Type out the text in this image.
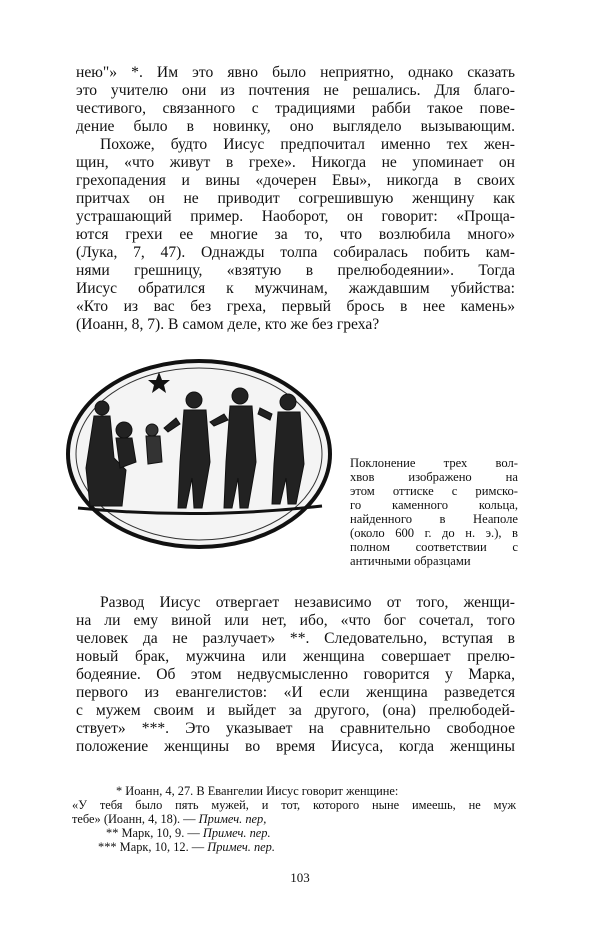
нею"» *. Им это явно было неприятно, однако сказать
это учителю они из почтения не решались. Для благо-
честивого, связанного с традициями рабби такое пове-
дение было в новинку, оно выглядело вызывающим.
Похоже, будто Иисус предпочитал именно тех жен-
щин, «что живут в грехе». Никогда не упоминает он
грехопадения и вины «дочерен Евы», никогда в своих
притчах он не приводит согрешившую женщину как
устрашающий пример. Наоборот, он говорит: «Проща-
ются грехи ее многие за то, что возлюбила много»
(Лука, 7, 47). Однажды толпа собиралась побить кам-
нями грешницу, «взятую в прелюбодеянии». Тогда
Иисус обратился к мужчинам, жаждавшим убийства:
«Кто из вас без греха, первый брось в нее камень»
(Иоанн, 8, 7). В самом деле, кто же без греха?
Поклонение трех вол-
хвов изображено на
этом оттиске с римско-
го каменного кольца,
найденного в Неаполе
(около 600 г. до н. э.), в
полном соответствии с
античными образцами
Развод Иисус отвергает независимо от того, женщи-
на ли ему виной или нет, ибо, «что бог сочетал, того
человек да не разлучает» **. Следовательно, вступая в
новый брак, мужчина или женщина совершает прелю-
бодеяние. Об этом недвусмысленно говорится у Марка,
первого из евангелистов: «И если женщина разведется
с мужем своим и выйдет за другого, (она) прелюбодей-
ствует» ***. Это указывает на сравнительно свободное
положение женщины во время Иисуса, когда женщины
* Иоанн, 4, 27. В Евангелии Иисус говорит женщине:
«У тебя было пять мужей, и тот, которого ныне имеешь, не муж
тебе» (Иоанн, 4, 18). — Примеч. пер,
** Марк, 10, 9. — Примеч. пер.
*** Марк, 10, 12. — Примеч. пер.
103
